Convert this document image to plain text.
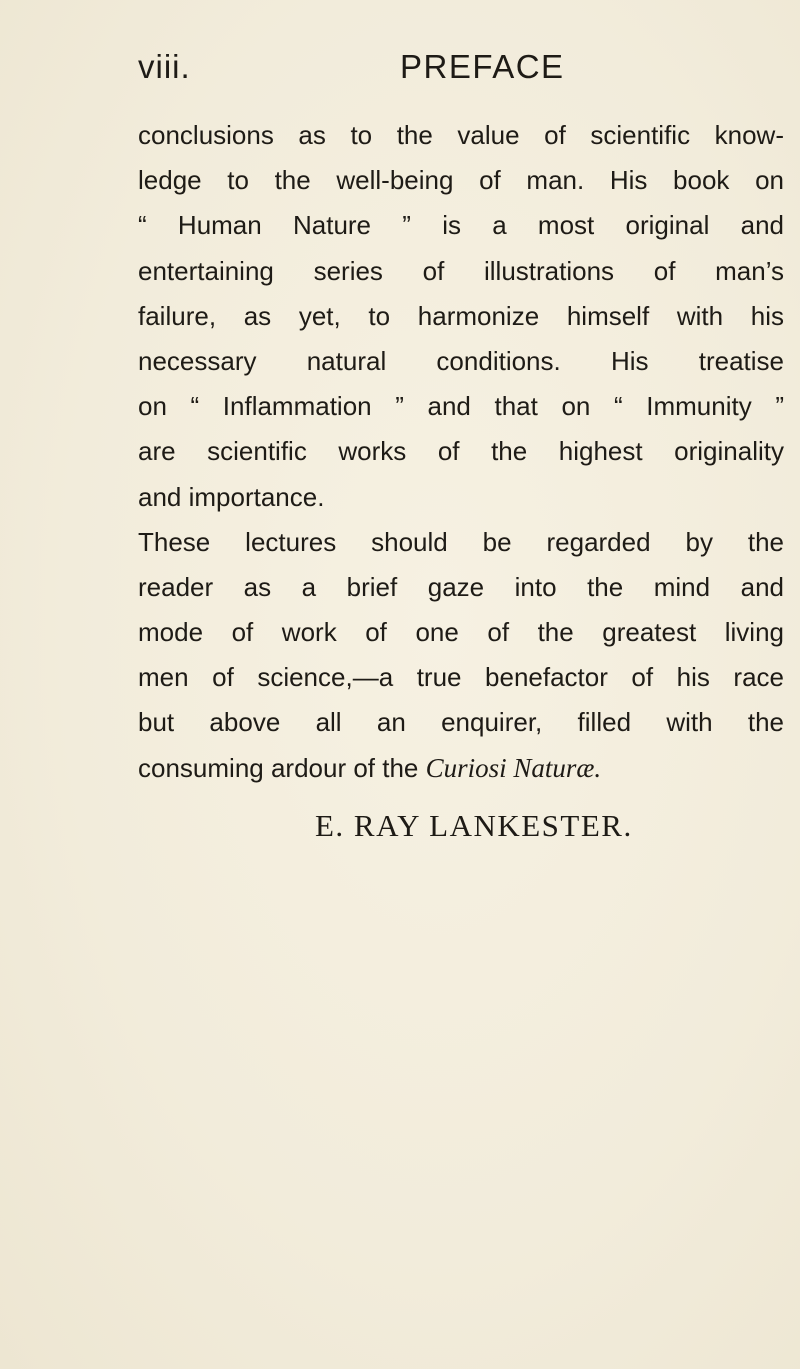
viii.	PREFACE
conclusions as to the value of scientific know-
ledge to the well-being of man. His book on
“ Human Nature ” is a most original and
entertaining series of illustrations of man’s
failure, as yet, to harmonize himself with his
necessary natural conditions. His treatise
on “ Inflammation ” and that on “ Immunity ”
are scientific works of the highest originality
and importance.
These lectures should be regarded by the
reader as a brief gaze into the mind and
mode of work of one of the greatest living
men of science,—a true benefactor of his race
but above all an enquirer, filled with the
consuming ardour of the Curiosi Naturæ.
E. RAY LANKESTER.
